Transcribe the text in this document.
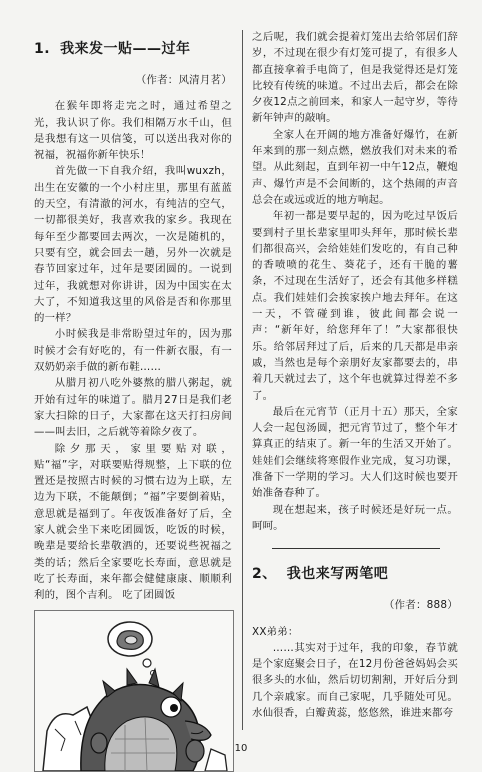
1. 我来发一贴——过年
（作者：风清月茗）

在猴年即将走完之时，通过希望之光，我认识了你。我们相隔万水千山，但是我想有这一贝信笺，可以送出我对你的祝福，祝福你新年快乐！

首先做一下自我介绍，我叫wuxzh，出生在安徽的一个小村庄里，那里有蓝蓝的天空，有清澈的河水，有纯洁的空气，一切都很美好，我喜欢我的家乡。我现在每年至少都要回去两次，一次是随机的，只要有空，就会回去一趟，另外一次就是春节回家过年，过年是要团圆的。一说到过年，我就想对你讲讲，因为中国实在太大了，不知道我这里的风俗是否和你那里的一样？

小时候我是非常盼望过年的，因为那时候才会有好吃的，有一件新衣服，有一双奶奶亲手做的新布鞋……

从腊月初八吃外婆熬的腊八粥起，就开始有过年的味道了。腊月27日是我们老家大扫除的日子，大家都在这天打扫房间——叫去旧，之后就等着除夕夜了。

除夕那天，家里要贴对联，贴“福”字，对联要贴得规整，上下联的位置还是按照古时候的习惯右边为上联，左边为下联，不能颠倒；“福”字要倒着贴，意思就是福到了。年夜饭准备好了后，全家人就会坐下来吃团圆饭，吃饭的时候，晚辈是要给长辈敬酒的，还要说些祝福之类的话；然后全家要吃长寿面，意思就是吃了长寿面，来年都会健健康康、顺顺利利的，图个吉利。 吃了团圆饭

之后呢，我们就会提着灯笼出去给邻居们辞岁，不过现在很少有灯笼可提了，有很多人都直接拿着手电筒了，但是我觉得还是灯笼比较有传统的味道。不过出去后，都会在除夕夜12点之前回来，和家人一起守岁，等待新年钟声的敲响。

全家人在开阔的地方准备好爆竹，在新年来到的那一刻点燃，燃放我们对未来的希望。从此刻起，直到年初一中午12点，鞭炮声、爆竹声是不会间断的，这个热闹的声音总会在或远或近的地方响起。

年初一都是要早起的，因为吃过早饭后要到村子里长辈家里叩头拜年，那时候长辈们都很高兴，会给娃娃们发吃的，有自己种的香喷喷的花生、葵花子，还有干脆的薯条，不过现在生活好了，还会有其他多样糕点。我们娃娃们会挨家挨户地去拜年。在这一天，不管碰到谁，彼此间都会说一声：“新年好，给您拜年了！”大家都很快乐。给邻居拜过了后，后来的几天都是串亲戚，当然也是每个亲朋好友家都要去的，串着几天就过去了，这个年也就算过得差不多了。

最后在元宵节（正月十五）那天，全家人会一起包汤圆，把元宵节过了，整个年才算真正的结束了。新一年的生活又开始了。娃娃们会继续将寒假作业完成，复习功课，准备下一学期的学习。大人们这时候也要开始准备春种了。

现在想起来，孩子时候还是好玩一点。呵呵。

2、 我也来写两笔吧
（作者：888）

XX弟弟：

……其实对于过年，我的印象，春节就是个家庭聚会日子，在12月份爸爸妈妈会买很多头的水仙，然后切切割割，开好后分到几个亲戚家。而自己家呢，几乎随处可见。水仙很香，白瓣黄蕊，悠悠然，谁进来都夸

10
